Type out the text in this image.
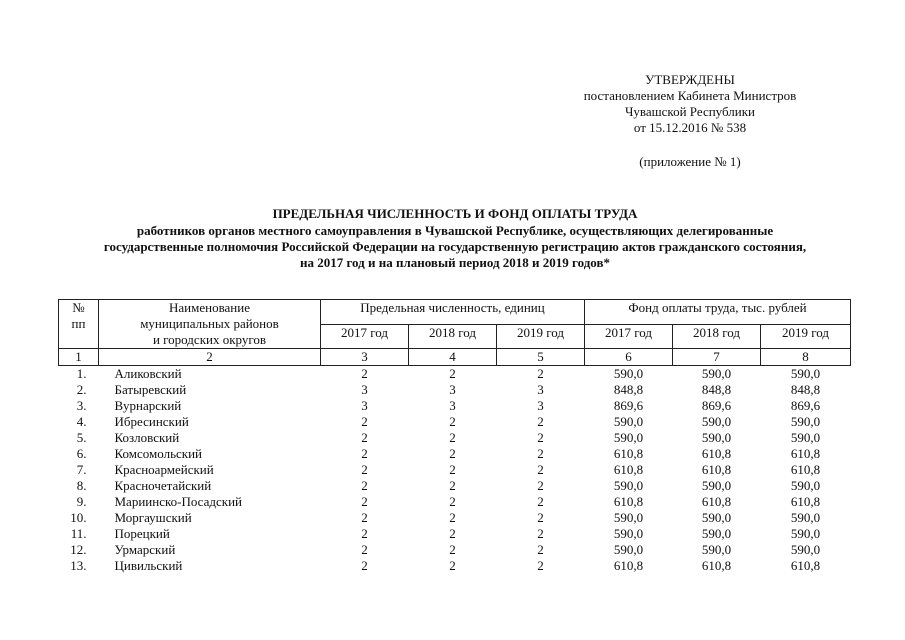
УТВЕРЖДЕНЫ
постановлением Кабинета Министров
Чувашской Республики
от 15.12.2016 № 538
(приложение № 1)
ПРЕДЕЛЬНАЯ ЧИСЛЕННОСТЬ И ФОНД ОПЛАТЫ ТРУДА
работников органов местного самоуправления в Чувашской Республике, осуществляющих делегированные
государственные полномочия Российской Федерации на государственную регистрацию актов гражданского состояния,
на 2017 год и на плановый период 2018 и 2019 годов*
№
пп	Наименование
муниципальных районов
и городских округов	Предельная численность, единиц			Фонд оплаты труда, тыс. рублей		
		2017 год	2018 год	2019 год	2017 год	2018 год	2019 год
1	2	3	4	5	6	7	8
1.	Аликовский	2	2	2	590,0	590,0	590,0
2.	Батыревский	3	3	3	848,8	848,8	848,8
3.	Вурнарский	3	3	3	869,6	869,6	869,6
4.	Ибресинский	2	2	2	590,0	590,0	590,0
5.	Козловский	2	2	2	590,0	590,0	590,0
6.	Комсомольский	2	2	2	610,8	610,8	610,8
7.	Красноармейский	2	2	2	610,8	610,8	610,8
8.	Красночетайский	2	2	2	590,0	590,0	590,0
9.	Мариинско-Посадский	2	2	2	610,8	610,8	610,8
10.	Моргаушский	2	2	2	590,0	590,0	590,0
11.	Порецкий	2	2	2	590,0	590,0	590,0
12.	Урмарский	2	2	2	590,0	590,0	590,0
13.	Цивильский	2	2	2	610,8	610,8	610,8
